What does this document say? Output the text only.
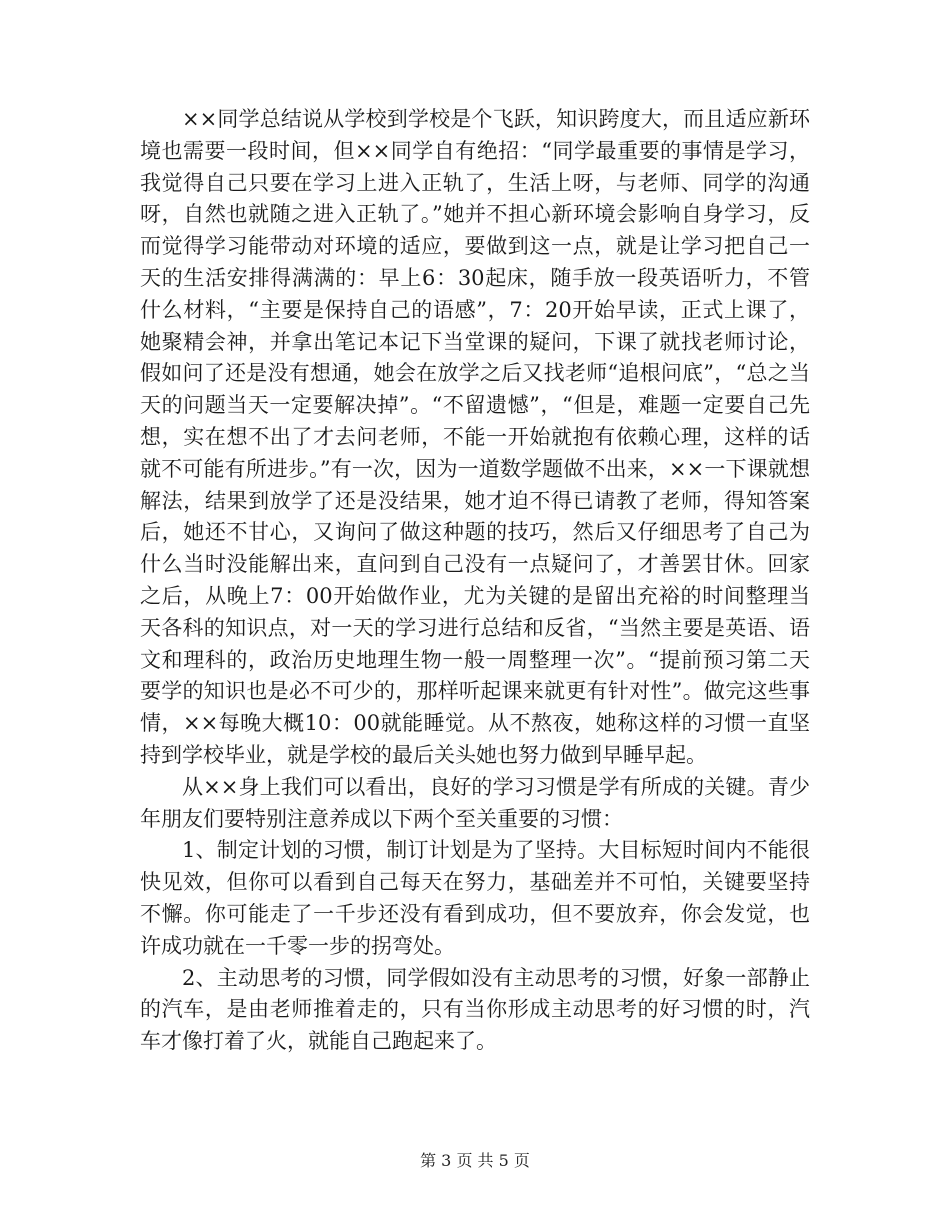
××同学总结说从学校到学校是个飞跃，知识跨度大，而且适应新环境也需要一段时间，但××同学自有绝招：“同学最重要的事情是学习，我觉得自己只要在学习上进入正轨了，生活上呀，与老师、同学的沟通呀，自然也就随之进入正轨了。”她并不担心新环境会影响自身学习，反而觉得学习能带动对环境的适应，要做到这一点，就是让学习把自己一天的生活安排得满满的：早上6：30起床，随手放一段英语听力，不管什么材料，“主要是保持自己的语感”，7：20开始早读，正式上课了，她聚精会神，并拿出笔记本记下当堂课的疑问，下课了就找老师讨论，假如问了还是没有想通，她会在放学之后又找老师“追根问底”，“总之当天的问题当天一定要解决掉”。“不留遗憾”，“但是，难题一定要自己先想，实在想不出了才去问老师，不能一开始就抱有依赖心理，这样的话就不可能有所进步。”有一次，因为一道数学题做不出来，××一下课就想解法，结果到放学了还是没结果，她才迫不得已请教了老师，得知答案后，她还不甘心，又询问了做这种题的技巧，然后又仔细思考了自己为什么当时没能解出来，直问到自己没有一点疑问了，才善罢甘休。回家之后，从晚上7：00开始做作业，尤为关键的是留出充裕的时间整理当天各科的知识点，对一天的学习进行总结和反省，“当然主要是英语、语文和理科的，政治历史地理生物一般一周整理一次”。“提前预习第二天要学的知识也是必不可少的，那样听起课来就更有针对性”。做完这些事情，××每晚大概10：00就能睡觉。从不熬夜，她称这样的习惯一直坚持到学校毕业，就是学校的最后关头她也努力做到早睡早起。

从××身上我们可以看出，良好的学习习惯是学有所成的关键。青少年朋友们要特别注意养成以下两个至关重要的习惯：

1、制定计划的习惯，制订计划是为了坚持。大目标短时间内不能很快见效，但你可以看到自己每天在努力，基础差并不可怕，关键要坚持不懈。你可能走了一千步还没有看到成功，但不要放弃，你会发觉，也许成功就在一千零一步的拐弯处。

2、主动思考的习惯，同学假如没有主动思考的习惯，好象一部静止的汽车，是由老师推着走的，只有当你形成主动思考的好习惯的时，汽车才像打着了火，就能自己跑起来了。

第 3 页 共 5 页
